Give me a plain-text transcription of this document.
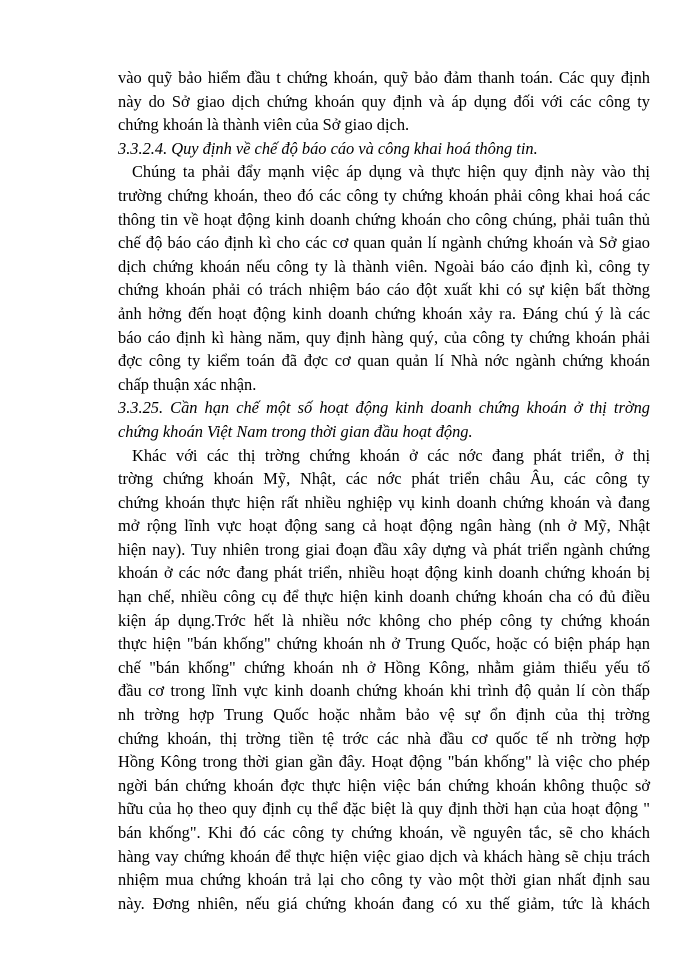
vào quỹ bảo hiểm đầu t chứng khoán, quỹ bảo đảm thanh toán. Các quy định
này do Sở giao dịch chứng khoán quy định và áp dụng đối với các công ty
chứng khoán là thành viên của Sở giao dịch.
3.3.2.4. Quy định về chế độ báo cáo và công khai hoá thông tin.
Chúng ta phải đẩy mạnh việc áp dụng và thực hiện quy định này vào thị
trường chứng khoán, theo đó các công ty chứng khoán phải công khai hoá các
thông tin về hoạt động kinh doanh chứng khoán cho công chúng, phải tuân thủ
chế độ báo cáo định kì cho các cơ quan quản lí ngành chứng khoán và Sở giao
dịch chứng khoán nếu công ty là thành viên. Ngoài báo cáo định kì, công ty
chứng khoán phải có trách nhiệm báo cáo đột xuất khi có sự kiện bất thờng
ảnh hởng đến hoạt động kinh doanh chứng khoán xảy ra. Đáng chú ý là các
báo cáo định kì hàng năm, quy định hàng quý, của công ty chứng khoán phải
đợc công ty kiểm toán đã đợc cơ quan quản lí Nhà nớc ngành chứng khoán
chấp thuận xác nhận.
3.3.25. Cần hạn chế một số hoạt động kinh doanh chứng khoán ở thị trờng
chứng khoán Việt Nam trong thời gian đầu hoạt động.
Khác với các thị trờng chứng khoán ở các nớc đang phát triển, ở thị
trờng chứng khoán Mỹ, Nhật, các nớc phát triển châu Âu, các công ty
chứng khoán thực hiện rất nhiều nghiệp vụ kinh doanh chứng khoán và đang
mở rộng lĩnh vực hoạt động sang cả hoạt động ngân hàng (nh ở Mỹ, Nhật
hiện nay). Tuy nhiên trong giai đoạn đầu xây dựng và phát triển ngành chứng
khoán ở các nớc đang phát triển, nhiều hoạt động kinh doanh chứng khoán bị
hạn chế, nhiều công cụ để thực hiện kinh doanh chứng khoán cha có đủ điều
kiện áp dụng.Trớc hết là nhiều nớc không cho phép công ty chứng khoán
thực hiện "bán khống" chứng khoán nh ở Trung Quốc, hoặc có biện pháp hạn
chế "bán khống" chứng khoán nh ở Hồng Kông, nhằm giảm thiểu yếu tố
đầu cơ trong lĩnh vực kinh doanh chứng khoán khi trình độ quản lí còn thấp
nh trờng hợp Trung Quốc hoặc nhằm bảo vệ sự ổn định của thị trờng
chứng khoán, thị trờng tiền tệ trớc các nhà đầu cơ quốc tế nh trờng hợp
Hồng Kông trong thời gian gần đây. Hoạt động "bán khống" là việc cho phép
ngời bán chứng khoán đợc thực hiện việc bán chứng khoán không thuộc sở
hữu của họ theo quy định cụ thể đặc biệt là quy định thời hạn của hoạt động "
bán khống". Khi đó các công ty chứng khoán, về nguyên tắc, sẽ cho khách
hàng vay chứng khoán để thực hiện việc giao dịch và khách hàng sẽ chịu trách
nhiệm mua chứng khoán trả lại cho công ty vào một thời gian nhất định sau
này. Đơng nhiên, nếu giá chứng khoán đang có xu thế giảm, tức là khách
